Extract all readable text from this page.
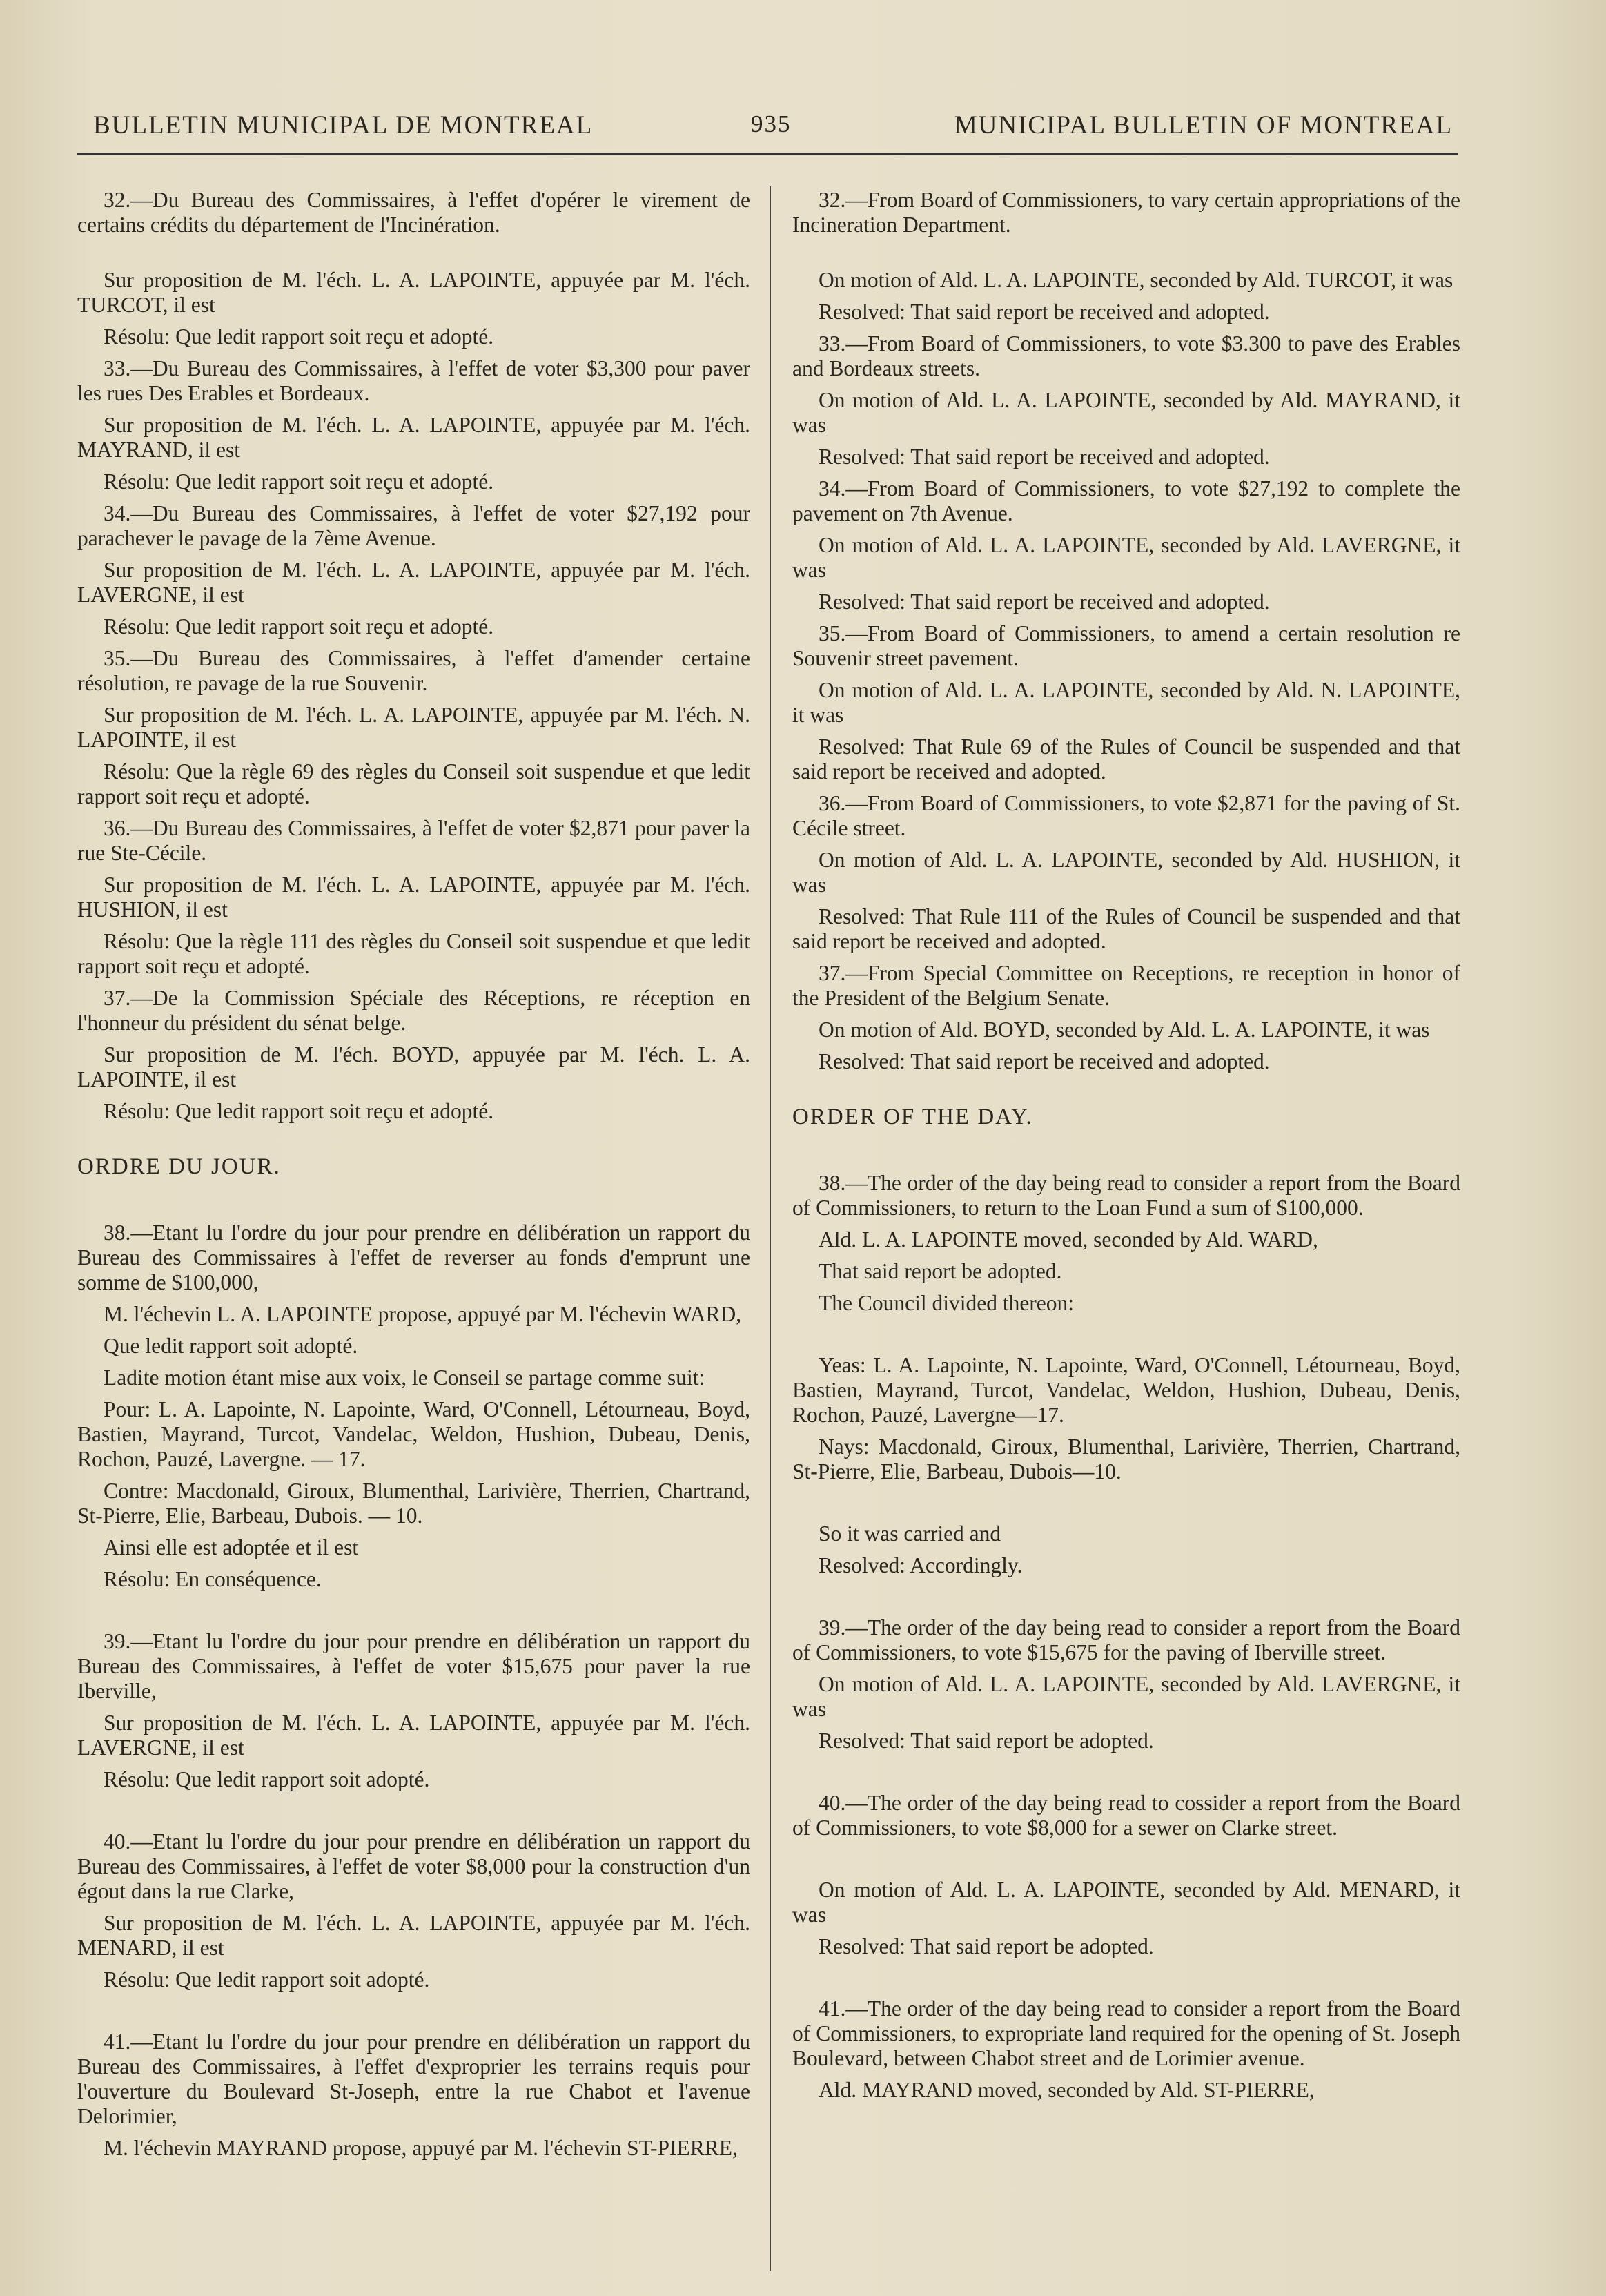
BULLETIN MUNICIPAL DE MONTREAL	935	MUNICIPAL BULLETIN OF MONTREAL

32.—Du Bureau des Commissaires, à l'effet d'opérer le virement de certains crédits du département de l'Incinération.

Sur proposition de M. l'éch. L. A. LAPOINTE, appuyée par M. l'éch. TURCOT, il est

Résolu: Que ledit rapport soit reçu et adopté.

33.—Du Bureau des Commissaires, à l'effet de voter $3,300 pour paver les rues Des Erables et Bordeaux.

Sur proposition de M. l'éch. L. A. LAPOINTE, appuyée par M. l'éch. MAYRAND, il est

Résolu: Que ledit rapport soit reçu et adopté.

34.—Du Bureau des Commissaires, à l'effet de voter $27,192 pour parachever le pavage de la 7ème Avenue.

Sur proposition de M. l'éch. L. A. LAPOINTE, appuyée par M. l'éch. LAVERGNE, il est

Résolu: Que ledit rapport soit reçu et adopté.

35.—Du Bureau des Commissaires, à l'effet d'amender certaine résolution, re pavage de la rue Souvenir.

Sur proposition de M. l'éch. L. A. LAPOINTE, appuyée par M. l'éch. N. LAPOINTE, il est

Résolu: Que la règle 69 des règles du Conseil soit suspendue et que ledit rapport soit reçu et adopté.

36.—Du Bureau des Commissaires, à l'effet de voter $2,871 pour paver la rue Ste-Cécile.

Sur proposition de M. l'éch. L. A. LAPOINTE, appuyée par M. l'éch. HUSHION, il est

Résolu: Que la règle 111 des règles du Conseil soit suspendue et que ledit rapport soit reçu et adopté.

37.—De la Commission Spéciale des Réceptions, re réception en l'honneur du président du sénat belge.

Sur proposition de M. l'éch. BOYD, appuyée par M. l'éch. L. A. LAPOINTE, il est

Résolu: Que ledit rapport soit reçu et adopté.

ORDRE DU JOUR.

38.—Etant lu l'ordre du jour pour prendre en délibération un rapport du Bureau des Commissaires à l'effet de reverser au fonds d'emprunt une somme de $100,000,

M. l'échevin L. A. LAPOINTE propose, appuyé par M. l'échevin WARD,

Que ledit rapport soit adopté.

Ladite motion étant mise aux voix, le Conseil se partage comme suit:

Pour: L. A. Lapointe, N. Lapointe, Ward, O'Connell, Létourneau, Boyd, Bastien, Mayrand, Turcot, Vandelac, Weldon, Hushion, Dubeau, Denis, Rochon, Pauzé, Lavergne. — 17.

Contre: Macdonald, Giroux, Blumenthal, Larivière, Therrien, Chartrand, St-Pierre, Elie, Barbeau, Dubois. — 10.

Ainsi elle est adoptée et il est

Résolu: En conséquence.

39.—Etant lu l'ordre du jour pour prendre en délibération un rapport du Bureau des Commissaires, à l'effet de voter $15,675 pour paver la rue Iberville,

Sur proposition de M. l'éch. L. A. LAPOINTE, appuyée par M. l'éch. LAVERGNE, il est

Résolu: Que ledit rapport soit adopté.

40.—Etant lu l'ordre du jour pour prendre en délibération un rapport du Bureau des Commissaires, à l'effet de voter $8,000 pour la construction d'un égout dans la rue Clarke,

Sur proposition de M. l'éch. L. A. LAPOINTE, appuyée par M. l'éch. MENARD, il est

Résolu: Que ledit rapport soit adopté.

41.—Etant lu l'ordre du jour pour prendre en délibération un rapport du Bureau des Commissaires, à l'effet d'exproprier les terrains requis pour l'ouverture du Boulevard St-Joseph, entre la rue Chabot et l'avenue Delorimier,

M. l'échevin MAYRAND propose, appuyé par M. l'échevin ST-PIERRE,

32.—From Board of Commissioners, to vary certain appropriations of the Incineration Department.

On motion of Ald. L. A. LAPOINTE, seconded by Ald. TURCOT, it was

Resolved: That said report be received and adopted.

33.—From Board of Commissioners, to vote $3.300 to pave des Erables and Bordeaux streets.

On motion of Ald. L. A. LAPOINTE, seconded by Ald. MAYRAND, it was

Resolved: That said report be received and adopted.

34.—From Board of Commissioners, to vote $27,192 to complete the pavement on 7th Avenue.

On motion of Ald. L. A. LAPOINTE, seconded by Ald. LAVERGNE, it was

Resolved: That said report be received and adopted.

35.—From Board of Commissioners, to amend a certain resolution re Souvenir street pavement.

On motion of Ald. L. A. LAPOINTE, seconded by Ald. N. LAPOINTE, it was

Resolved: That Rule 69 of the Rules of Council be suspended and that said report be received and adopted.

36.—From Board of Commissioners, to vote $2,871 for the paving of St. Cécile street.

On motion of Ald. L. A. LAPOINTE, seconded by Ald. HUSHION, it was

Resolved: That Rule 111 of the Rules of Council be suspended and that said report be received and adopted.

37.—From Special Committee on Receptions, re reception in honor of the President of the Belgium Senate.

On motion of Ald. BOYD, seconded by Ald. L. A. LAPOINTE, it was

Resolved: That said report be received and adopted.

ORDER OF THE DAY.

38.—The order of the day being read to consider a report from the Board of Commissioners, to return to the Loan Fund a sum of $100,000.

Ald. L. A. LAPOINTE moved, seconded by Ald. WARD,

That said report be adopted.

The Council divided thereon:

Yeas: L. A. Lapointe, N. Lapointe, Ward, O'Connell, Létourneau, Boyd, Bastien, Mayrand, Turcot, Vandelac, Weldon, Hushion, Dubeau, Denis, Rochon, Pauzé, Lavergne—17.

Nays: Macdonald, Giroux, Blumenthal, Larivière, Therrien, Chartrand, St-Pierre, Elie, Barbeau, Dubois—10.

So it was carried and

Resolved: Accordingly.

39.—The order of the day being read to consider a report from the Board of Commissioners, to vote $15,675 for the paving of Iberville street.

On motion of Ald. L. A. LAPOINTE, seconded by Ald. LAVERGNE, it was

Resolved: That said report be adopted.

40.—The order of the day being read to cossider a report from the Board of Commissioners, to vote $8,000 for a sewer on Clarke street.

On motion of Ald. L. A. LAPOINTE, seconded by Ald. MENARD, it was

Resolved: That said report be adopted.

41.—The order of the day being read to consider a report from the Board of Commissioners, to expropriate land required for the opening of St. Joseph Boulevard, between Chabot street and de Lorimier avenue.

Ald. MAYRAND moved, seconded by Ald. ST-PIERRE,
